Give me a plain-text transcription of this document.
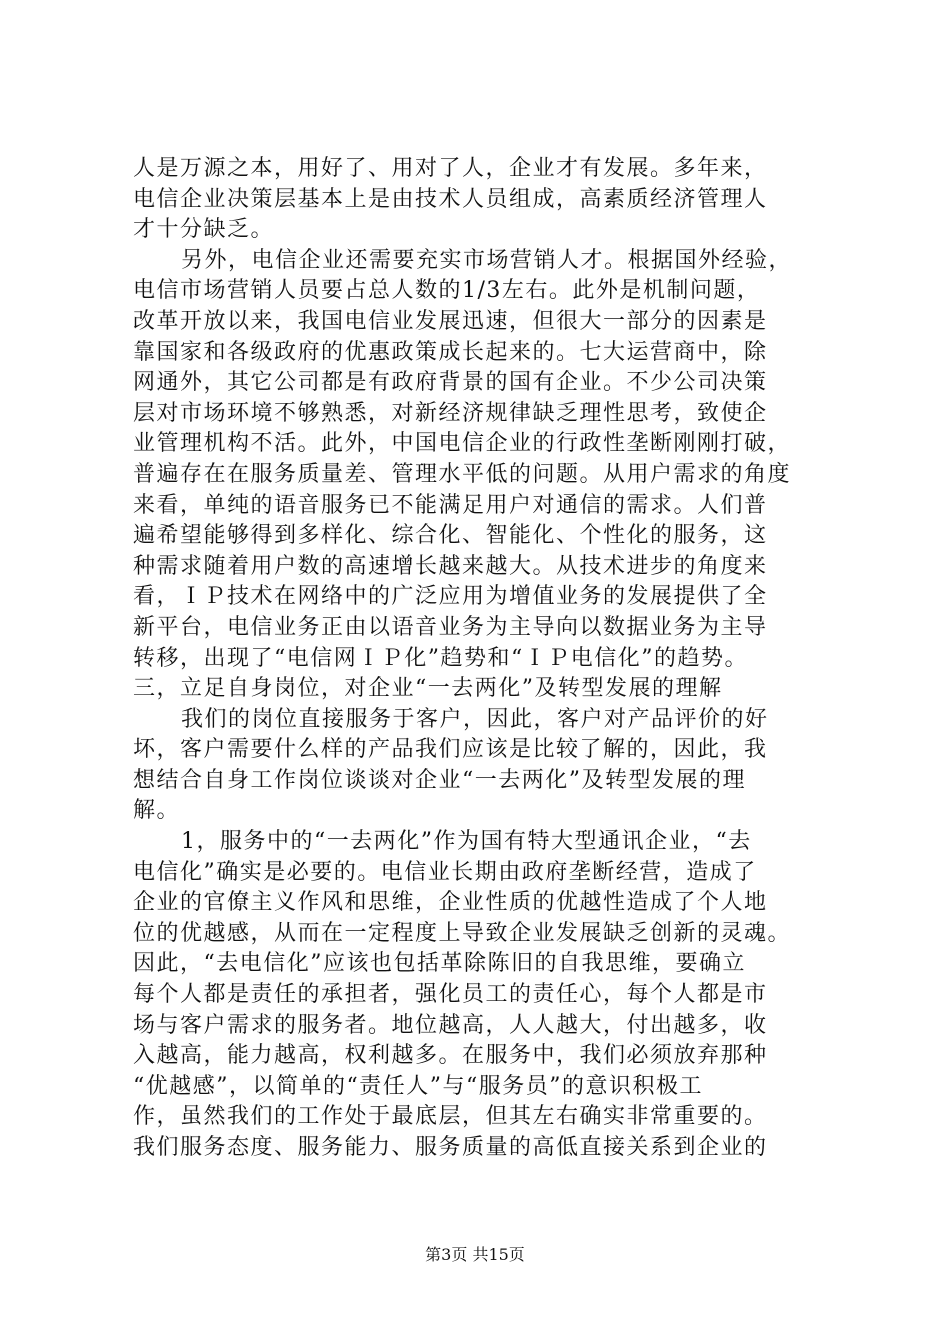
人是万源之本，用好了、用对了人，企业才有发展。多年来，
电信企业决策层基本上是由技术人员组成，高素质经济管理人
才十分缺乏。
另外，电信企业还需要充实市场营销人才。根据国外经验，
电信市场营销人员要占总人数的1/3左右。此外是机制问题，
改革开放以来，我国电信业发展迅速，但很大一部分的因素是
靠国家和各级政府的优惠政策成长起来的。七大运营商中，除
网通外，其它公司都是有政府背景的国有企业。不少公司决策
层对市场环境不够熟悉，对新经济规律缺乏理性思考，致使企
业管理机构不活。此外，中国电信企业的行政性垄断刚刚打破，
普遍存在在服务质量差、管理水平低的问题。从用户需求的角度
来看，单纯的语音服务已不能满足用户对通信的需求。人们普
遍希望能够得到多样化、综合化、智能化、个性化的服务，这
种需求随着用户数的高速增长越来越大。从技术进步的角度来
看，ＩＰ技术在网络中的广泛应用为增值业务的发展提供了全
新平台，电信业务正由以语音业务为主导向以数据业务为主导
转移，出现了“电信网ＩＰ化”趋势和“ＩＰ电信化”的趋势。
三，立足自身岗位，对企业“一去两化”及转型发展的理解
我们的岗位直接服务于客户，因此，客户对产品评价的好
坏，客户需要什么样的产品我们应该是比较了解的，因此，我
想结合自身工作岗位谈谈对企业“一去两化”及转型发展的理
解。
1，服务中的“一去两化”作为国有特大型通讯企业，“去
电信化”确实是必要的。电信业长期由政府垄断经营，造成了
企业的官僚主义作风和思维，企业性质的优越性造成了个人地
位的优越感，从而在一定程度上导致企业发展缺乏创新的灵魂。
因此，“去电信化”应该也包括革除陈旧的自我思维，要确立
每个人都是责任的承担者，强化员工的责任心，每个人都是市
场与客户需求的服务者。地位越高，人人越大，付出越多，收
入越高，能力越高，权利越多。在服务中，我们必须放弃那种
“优越感”，以简单的“责任人”与“服务员”的意识积极工
作，虽然我们的工作处于最底层，但其左右确实非常重要的。
我们服务态度、服务能力、服务质量的高低直接关系到企业的
第3页 共15页
